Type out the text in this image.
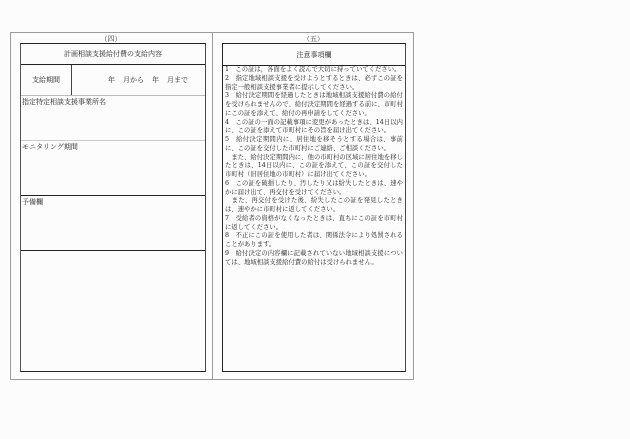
（四）	（五）
計画相談支援給付費の支給内容
支給期間	年 月から 年 月まで
指定特定相談支援事業所名
モニタリング期間
予備欄
注意事項欄

1　この証は，各面をよく読んで大切に持っていてください。

2　指定地域相談支援を受けようとするときは、必ずこの証を指定一般相談支援事業者に提示してください。

3　給付決定期間を経過したときは地域相談支援給付費の給付を受けられませんので、給付決定期間を経過する前に、市町村にこの証を添えて、給付の再申請をしてください。

4　この証の一面の記載事項に変更があったときは、14日以内に、この証を添えて市町村にその旨を届け出てください。

5　給付決定期間内に、居住地を移そうとする場合は、事前に、この証を交付した市町村にご連絡、ご相談ください。

　また、給付決定期間内に、他の市町村の区域に居住地を移したときは、14日以内に、この証を添えて、この証を交付した市町村（旧居住地の市町村）に届け出てください。

6　この証を破損したり、汚したり又は紛失したときは、速やかに届け出て、再交付を受けてください。

　また、再交付を受けた後、紛失したこの証を発見したときは、速やかに市町村に返してください。

7　受給者の資格がなくなったときは、直ちにこの証を市町村に返してください。

8　不正にこの証を使用した者は、関係法令により処罰されることがあります。

9　給付決定の内容欄に記載されていない地域相談支援については、地域相談支援給付費の給付は受けられません。
